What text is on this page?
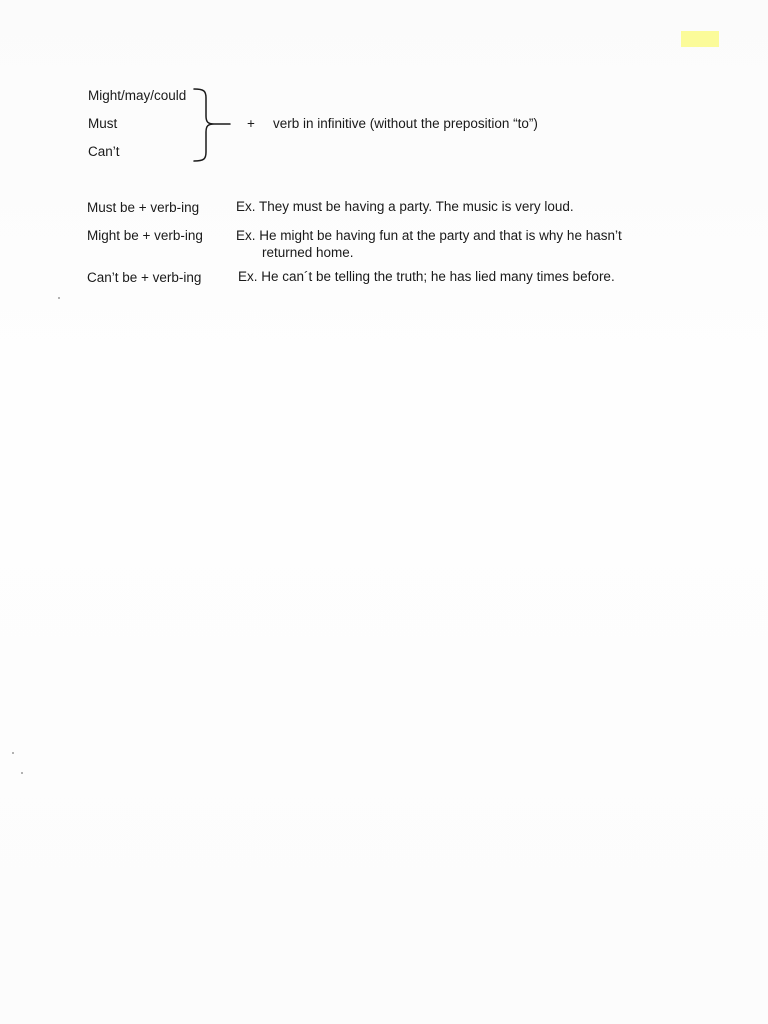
Might/may/could
Must
Can’t
+ verb in infinitive (without the preposition “to”)
Must be + verb-ing	Ex. They must be having a party. The music is very loud.
Might be + verb-ing Ex. He might be having fun at the party and that is why he hasn’t
returned home.
Can’t be + verb-ing	Ex. He can´t be telling the truth; he has lied many times before.
